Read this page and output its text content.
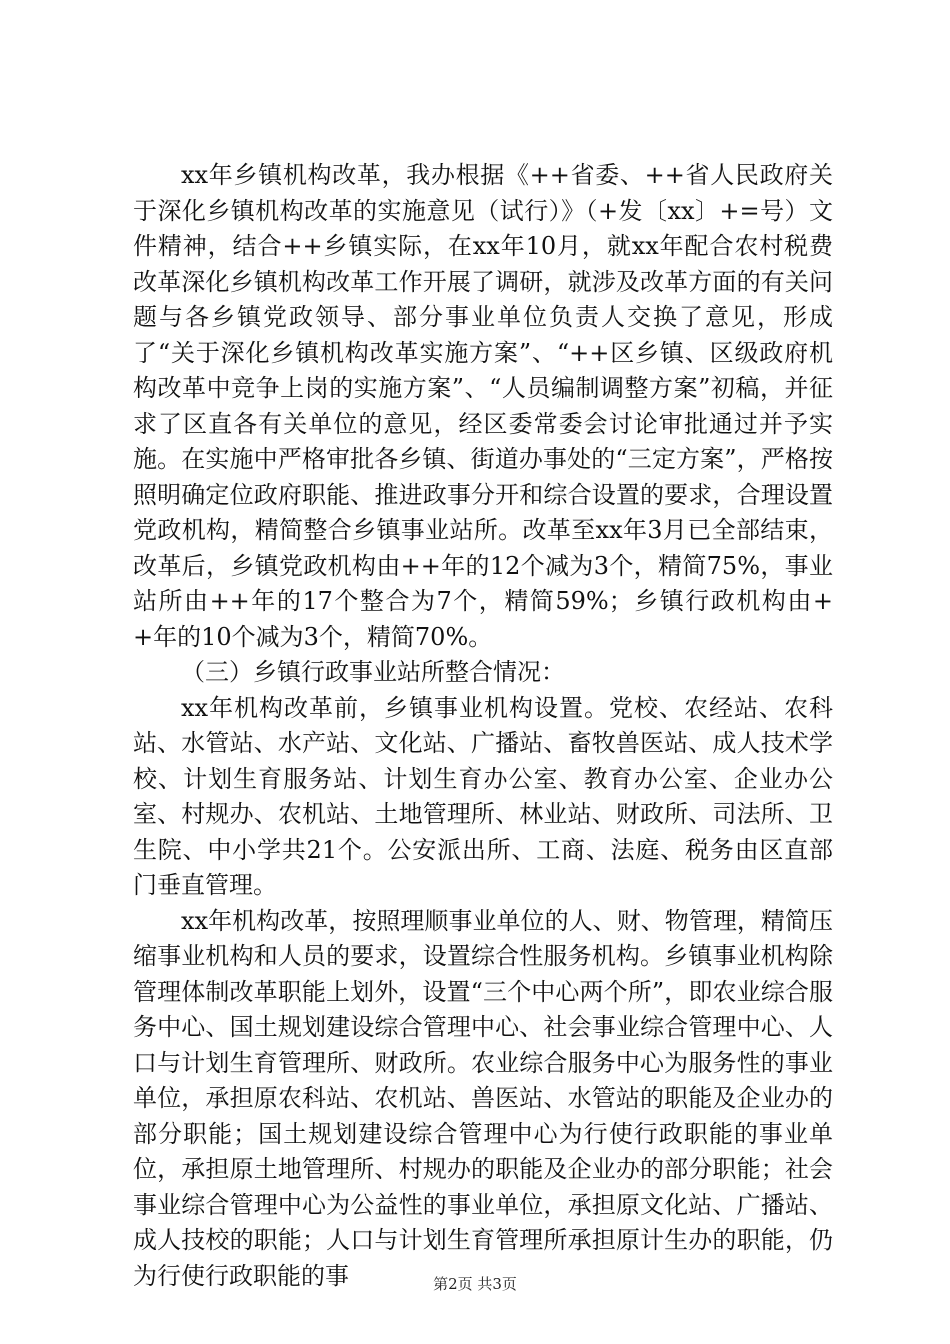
xx年乡镇机构改革，我办根据《++省委、++省人民政府关于深化乡镇机构改革的实施意见（试行）》（+发〔xx〕+=号）文件精神，结合++乡镇实际，在xx年10月，就xx年配合农村税费改革深化乡镇机构改革工作开展了调研，就涉及改革方面的有关问题与各乡镇党政领导、部分事业单位负责人交换了意见，形成了“关于深化乡镇机构改革实施方案”、“++区乡镇、区级政府机构改革中竞争上岗的实施方案”、“人员编制调整方案”初稿，并征求了区直各有关单位的意见，经区委常委会讨论审批通过并予实施。在实施中严格审批各乡镇、街道办事处的“三定方案”，严格按照明确定位政府职能、推进政事分开和综合设置的要求，合理设置党政机构，精简整合乡镇事业站所。改革至xx年3月已全部结束，改革后，乡镇党政机构由++年的12个减为3个，精简75%，事业站所由++年的17个整合为7个，精简59%；乡镇行政机构由++年的10个减为3个，精简70%。

（三）乡镇行政事业站所整合情况：

xx年机构改革前，乡镇事业机构设置。党校、农经站、农科站、水管站、水产站、文化站、广播站、畜牧兽医站、成人技术学校、计划生育服务站、计划生育办公室、教育办公室、企业办公室、村规办、农机站、土地管理所、林业站、财政所、司法所、卫生院、中小学共21个。公安派出所、工商、法庭、税务由区直部门垂直管理。

xx年机构改革，按照理顺事业单位的人、财、物管理，精简压缩事业机构和人员的要求，设置综合性服务机构。乡镇事业机构除管理体制改革职能上划外，设置“三个中心两个所”，即农业综合服务中心、国土规划建设综合管理中心、社会事业综合管理中心、人口与计划生育管理所、财政所。农业综合服务中心为服务性的事业单位，承担原农科站、农机站、兽医站、水管站的职能及企业办的部分职能；国土规划建设综合管理中心为行使行政职能的事业单位，承担原土地管理所、村规办的职能及企业办的部分职能；社会事业综合管理中心为公益性的事业单位，承担原文化站、广播站、成人技校的职能；人口与计划生育管理所承担原计生办的职能，仍为行使行政职能的事	第2页 共3页
